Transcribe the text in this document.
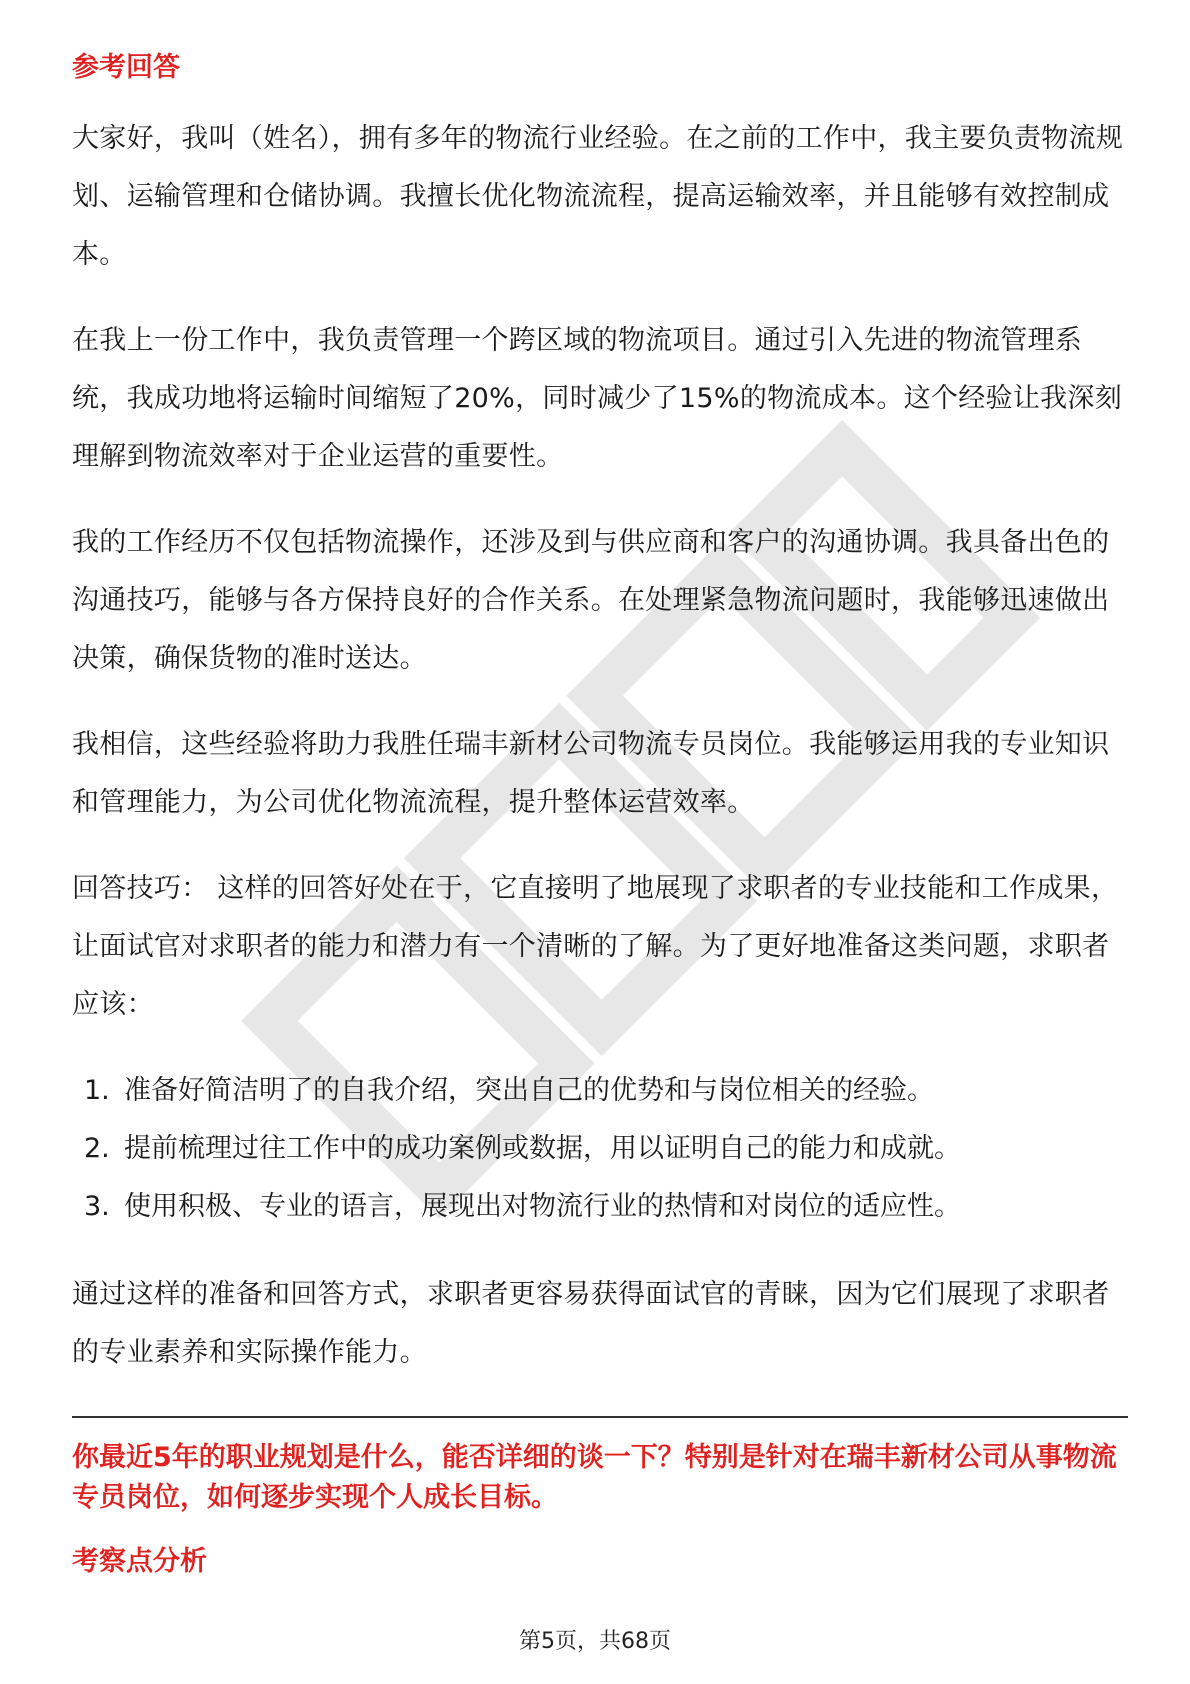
参考回答

大家好，我叫（姓名），拥有多年的物流行业经验。在之前的工作中，我主要负责物流规划、运输管理和仓储协调。我擅长优化物流流程，提高运输效率，并且能够有效控制成本。

在我上一份工作中，我负责管理一个跨区域的物流项目。通过引入先进的物流管理系统，我成功地将运输时间缩短了20%，同时减少了15%的物流成本。这个经验让我深刻理解到物流效率对于企业运营的重要性。

我的工作经历不仅包括物流操作，还涉及到与供应商和客户的沟通协调。我具备出色的沟通技巧，能够与各方保持良好的合作关系。在处理紧急物流问题时，我能够迅速做出决策，确保货物的准时送达。

我相信，这些经验将助力我胜任瑞丰新材公司物流专员岗位。我能够运用我的专业知识和管理能力，为公司优化物流流程，提升整体运营效率。

回答技巧： 这样的回答好处在于，它直接明了地展现了求职者的专业技能和工作成果，让面试官对求职者的能力和潜力有一个清晰的了解。为了更好地准备这类问题，求职者应该：

1. 准备好简洁明了的自我介绍，突出自己的优势和与岗位相关的经验。
2. 提前梳理过往工作中的成功案例或数据，用以证明自己的能力和成就。
3. 使用积极、专业的语言，展现出对物流行业的热情和对岗位的适应性。

通过这样的准备和回答方式，求职者更容易获得面试官的青睐，因为它们展现了求职者的专业素养和实际操作能力。

你最近5年的职业规划是什么，能否详细的谈一下？特别是针对在瑞丰新材公司从事物流专员岗位，如何逐步实现个人成长目标。
考察点分析
第5页，共68页
